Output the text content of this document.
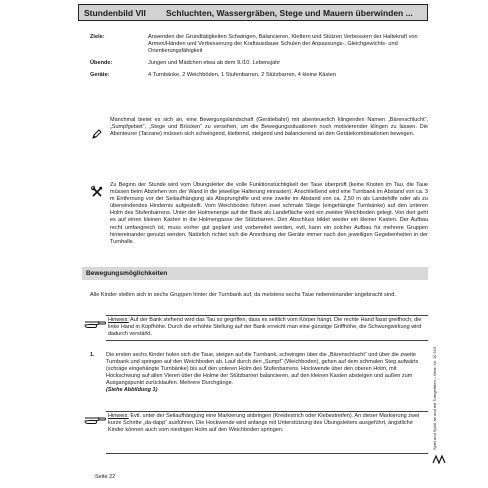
Stundenbild VII	Schluchten, Wassergräben, Stege und Mauern überwinden ...
Ziele:	Anwenden der Grundtätigkeiten Schwingen, Balancieren, Klettern und Stützen Verbessern der Haltekraft von Armen/Händen und Verbesserung der Kraftausdauer Schulen der Anpassungs-, Gleichgewichts- und Orientierungsfähigkeit
Übende:	Jungen und Mädchen etwa ab dem 9./10. Lebensjahr
Geräte:	4 Turnbänke, 2 Weichböden, 1 Stufenbarren, 2 Stützbarren, 4 kleine Kästen
Manchmal bietet es sich an, eine Bewegungslandschaft (Gerätebahn) mit abenteuerlich klingenden Namen „Bärenschlucht“, „Sumpfgebiet“, „Stege und Brücken“ zu versehen, um die Bewegungssituationen noch motivierender klingen zu lassen. Die Abenteurer (Tarzane) müssen sich schwingend, kletternd, steigend und balancierend an den Gerätekombinationen bewegen.
Zu Beginn der Stunde wird vom Übungsleiter die volle Funktionstüchtigkeit der Taue überprüft (keine Knoten im Tau, die Taue müssen beim Abziehen von der Wand in die jeweilige Halterung einrasten). Anschließend wird eine Turnbank im Abstand von ca. 3 m Entfernung vor der Seilaufhängung als Absprunghilfe und eine zweite im Abstand von ca. 2,50 m als Landehilfe oder als zu überwindendes Hindernis aufgestellt. Vom Weichboden führen zwei schmale Stege (eingehängte Turnbänke) auf den unteren Holm des Stufenbarrens. Unter der Holmenenge auf der Bank als Landefläche wird ein zweiter Weichboden gelegt. Von dort geht es auf einen kleinen Kasten in die Holmengasse der Stützbarren. Den Abschluss bildet wieder ein kleiner Kasten. Der Aufbau recht umfangreich ist, muss vorher gut geplant und vorbereitet werden, evtl. kann ein solcher Aufbau für mehrere Gruppen hintereinander genutzt werden. Natürlich richtet sich die Anordnung der Geräte immer nach den jeweiligen Gegebenheiten in der Turnhalle.
Bewegungsmöglichkeiten
Alle Kinder stellen sich in sechs Gruppen hinter der Turnbank auf, da meistens sechs Taue nebeneinander angebracht sind.
Hinweis: Auf der Bank stehend wird das Tau so gegriffen, dass es seitlich vom Körper hängt. Die rechte Hand fasst greifhoch, die linke Hand in Kopfhöhe. Durch die erhöhte Stellung auf der Bank erreicht man eine günstige Griffhöhe, die Schwungwirkung wird dadurch verstärkt.
1.	Die ersten sechs Kinder holen sich die Taue, steigen auf die Turnbank, schwingen über die „Bärenschlucht“ und über die zweite Turnbank und springen auf den Weichboden ab. Lauf durch den „Sumpf“ (Weichboden), gehen auf dem schmalen Steg aufwärts (schräge eingehängte Turnbänke) bis auf den unteren Holm des Stufenbarrens. Hockwende über den oberen Holm, mit Hockschwung auf allen Vieren über die Holme der Stützbarren balancieren, auf den kleinen Kasten absteigen und außen zum Ausgangspunkt zurücklaufen. Mehrere Durchgänge.
(Siehe Abbildung 1)
Hinweis: Evtl. unter der Seilaufhängung eine Markierung anbringen (Kreidestrich oder Klebestreifen). An dieser Markierung zwei kurze Schritte „da-dapp“ ausführen. Die Hockwende wird anfangs mit Unterstützung des Übungsleiters ausgeführt, ängstliche Kinder können auch vom niedrigen Holm auf den Weichboden springen.
Seite 22
Spiel und Spaß an und mit Turngeräten – Best.-Nr. 10 515
